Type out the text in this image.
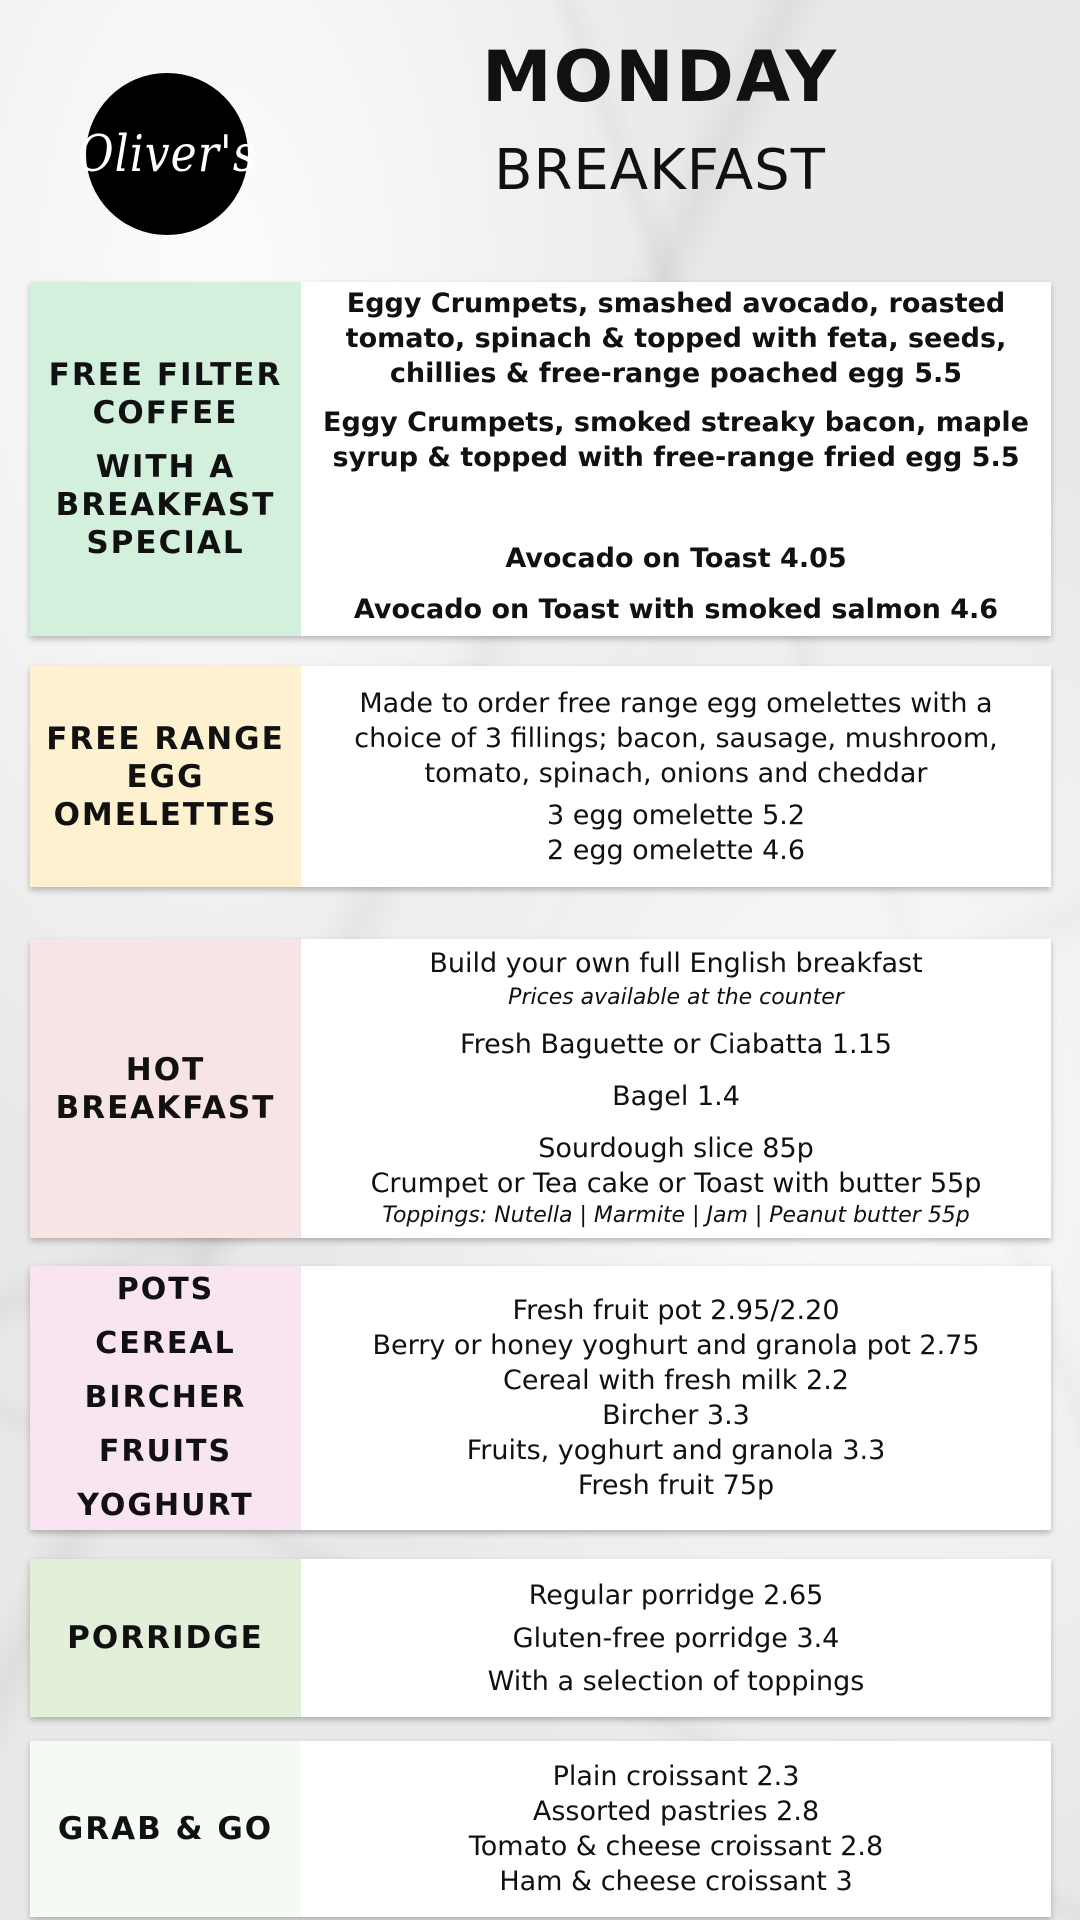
Oliver's
MONDAY
BREAKFAST
FREE FILTER
COFFEE
WITH A
BREAKFAST
SPECIAL
Eggy Crumpets, smashed avocado, roasted tomato, spinach & topped with feta, seeds, chillies & free-range poached egg 5.5
Eggy Crumpets, smoked streaky bacon, maple syrup & topped with free-range fried egg 5.5
Avocado on Toast 4.05
Avocado on Toast with smoked salmon 4.6
FREE RANGE
EGG
OMELETTES
Made to order free range egg omelettes with a choice of 3 fillings; bacon, sausage, mushroom, tomato, spinach, onions and cheddar
3 egg omelette 5.2
2 egg omelette 4.6
HOT
BREAKFAST
Build your own full English breakfast
Prices available at the counter
Fresh Baguette or Ciabatta 1.15
Bagel 1.4
Sourdough slice 85p
Crumpet or Tea cake or Toast with butter 55p
Toppings: Nutella | Marmite | Jam | Peanut butter 55p
POTS
CEREAL
BIRCHER
FRUITS
YOGHURT
Fresh fruit pot 2.95/2.20
Berry or honey yoghurt and granola pot 2.75
Cereal with fresh milk 2.2
Bircher 3.3
Fruits, yoghurt and granola 3.3
Fresh fruit 75p
PORRIDGE
Regular porridge 2.65
Gluten-free porridge 3.4
With a selection of toppings
GRAB & GO
Plain croissant 2.3
Assorted pastries 2.8
Tomato & cheese croissant 2.8
Ham & cheese croissant 3
